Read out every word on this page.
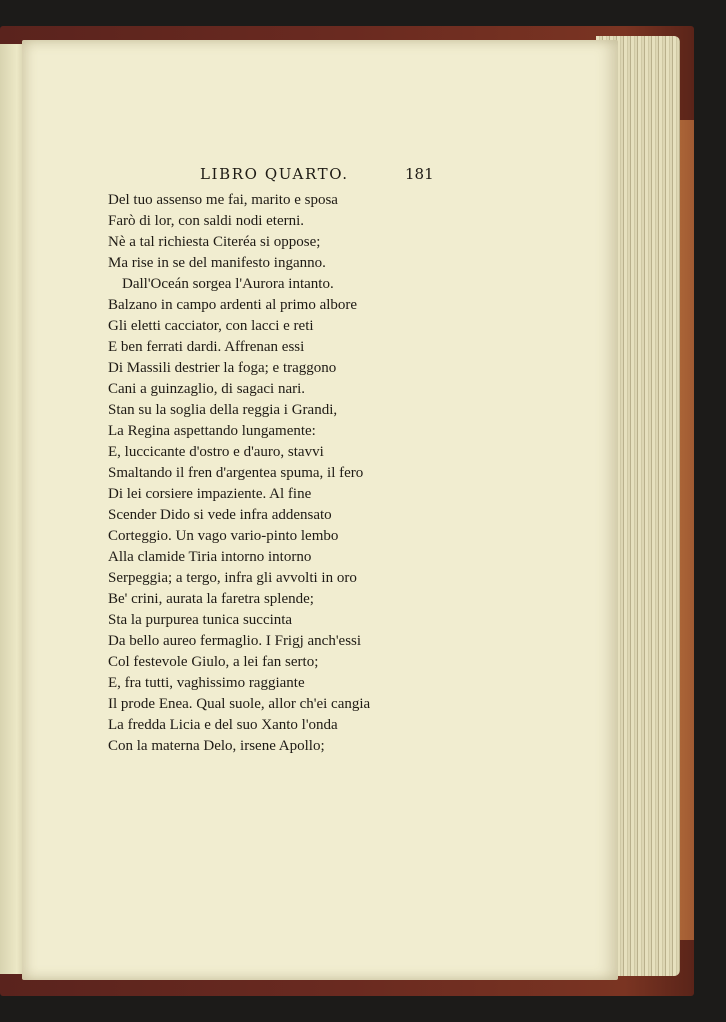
LIBRO QUARTO.	181
Del tuo assenso me fai, marito e sposa
Farò di lor, con saldi nodi eterni.
Nè a tal richiesta Citeréa si oppose;
Ma rise in se del manifesto inganno.
Dall'Oceán sorgea l'Aurora intanto.
Balzano in campo ardenti al primo albore
Gli eletti cacciator, con lacci e reti
E ben ferrati dardi. Affrenan essi
Di Massili destrier la foga; e traggono
Cani a guinzaglio, di sagaci nari.
Stan su la soglia della reggia i Grandi,
La Regina aspettando lungamente:
E, luccicante d'ostro e d'auro, stavvi
Smaltando il fren d'argentea spuma, il fero
Di lei corsiere impaziente. Al fine
Scender Dido si vede infra addensato
Corteggio. Un vago vario-pinto lembo
Alla clamide Tiria intorno intorno
Serpeggia; a tergo, infra gli avvolti in oro
Be' crini, aurata la faretra splende;
Sta la purpurea tunica succinta
Da bello aureo fermaglio. I Frigj anch'essi
Col festevole Giulo, a lei fan serto;
E, fra tutti, vaghissimo raggiante
Il prode Enea. Qual suole, allor ch'ei cangia
La fredda Licia e del suo Xanto l'onda
Con la materna Delo, irsene Apollo;
